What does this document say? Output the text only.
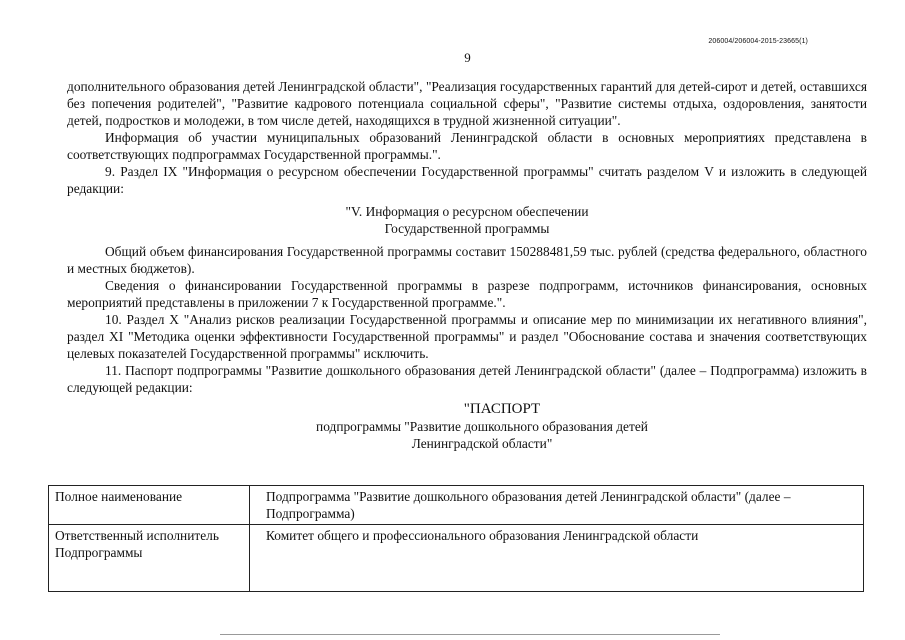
206004/206004-2015-23665(1)
9

дополнительного образования детей Ленинградской области", "Реализация государственных гарантий для детей-сирот и детей, оставшихся без попечения родителей", "Развитие кадрового потенциала социальной сферы", "Развитие системы отдыха, оздоровления, занятости детей, подростков и молодежи, в том числе детей, находящихся в трудной жизненной ситуации".

Информация об участии муниципальных образований Ленинградской области в основных мероприятиях представлена в соответствующих подпрограммах Государственной программы.".

9. Раздел IX "Информация о ресурсном обеспечении Государственной программы" считать разделом V и изложить в следующей редакции:

"V. Информация о ресурсном обеспечении

Государственной программы

Общий объем финансирования Государственной программы составит 150288481,59 тыс. рублей (средства федерального, областного и местных бюджетов).

Сведения о финансировании Государственной программы в разрезе подпрограмм, источников финансирования, основных мероприятий представлены в приложении 7 к Государственной программе.".

10. Раздел X "Анализ рисков реализации Государственной программы и описание мер по минимизации их негативного влияния", раздел XI "Методика оценки эффективности Государственной программы" и раздел "Обоснование состава и значения соответствующих целевых показателей Государственной программы" исключить.

11. Паспорт подпрограммы "Развитие дошкольного образования детей Ленинградской области" (далее – Подпрограмма) изложить в следующей редакции:

"ПАСПОРТ

подпрограммы "Развитие дошкольного образования детей

Ленинградской области"

Полное наименование	Подпрограмма "Развитие дошкольного образования детей Ленинградской области" (далее – Подпрограмма)
Ответственный исполнитель Подпрограммы	Комитет общего и профессионального образования Ленинградской области
